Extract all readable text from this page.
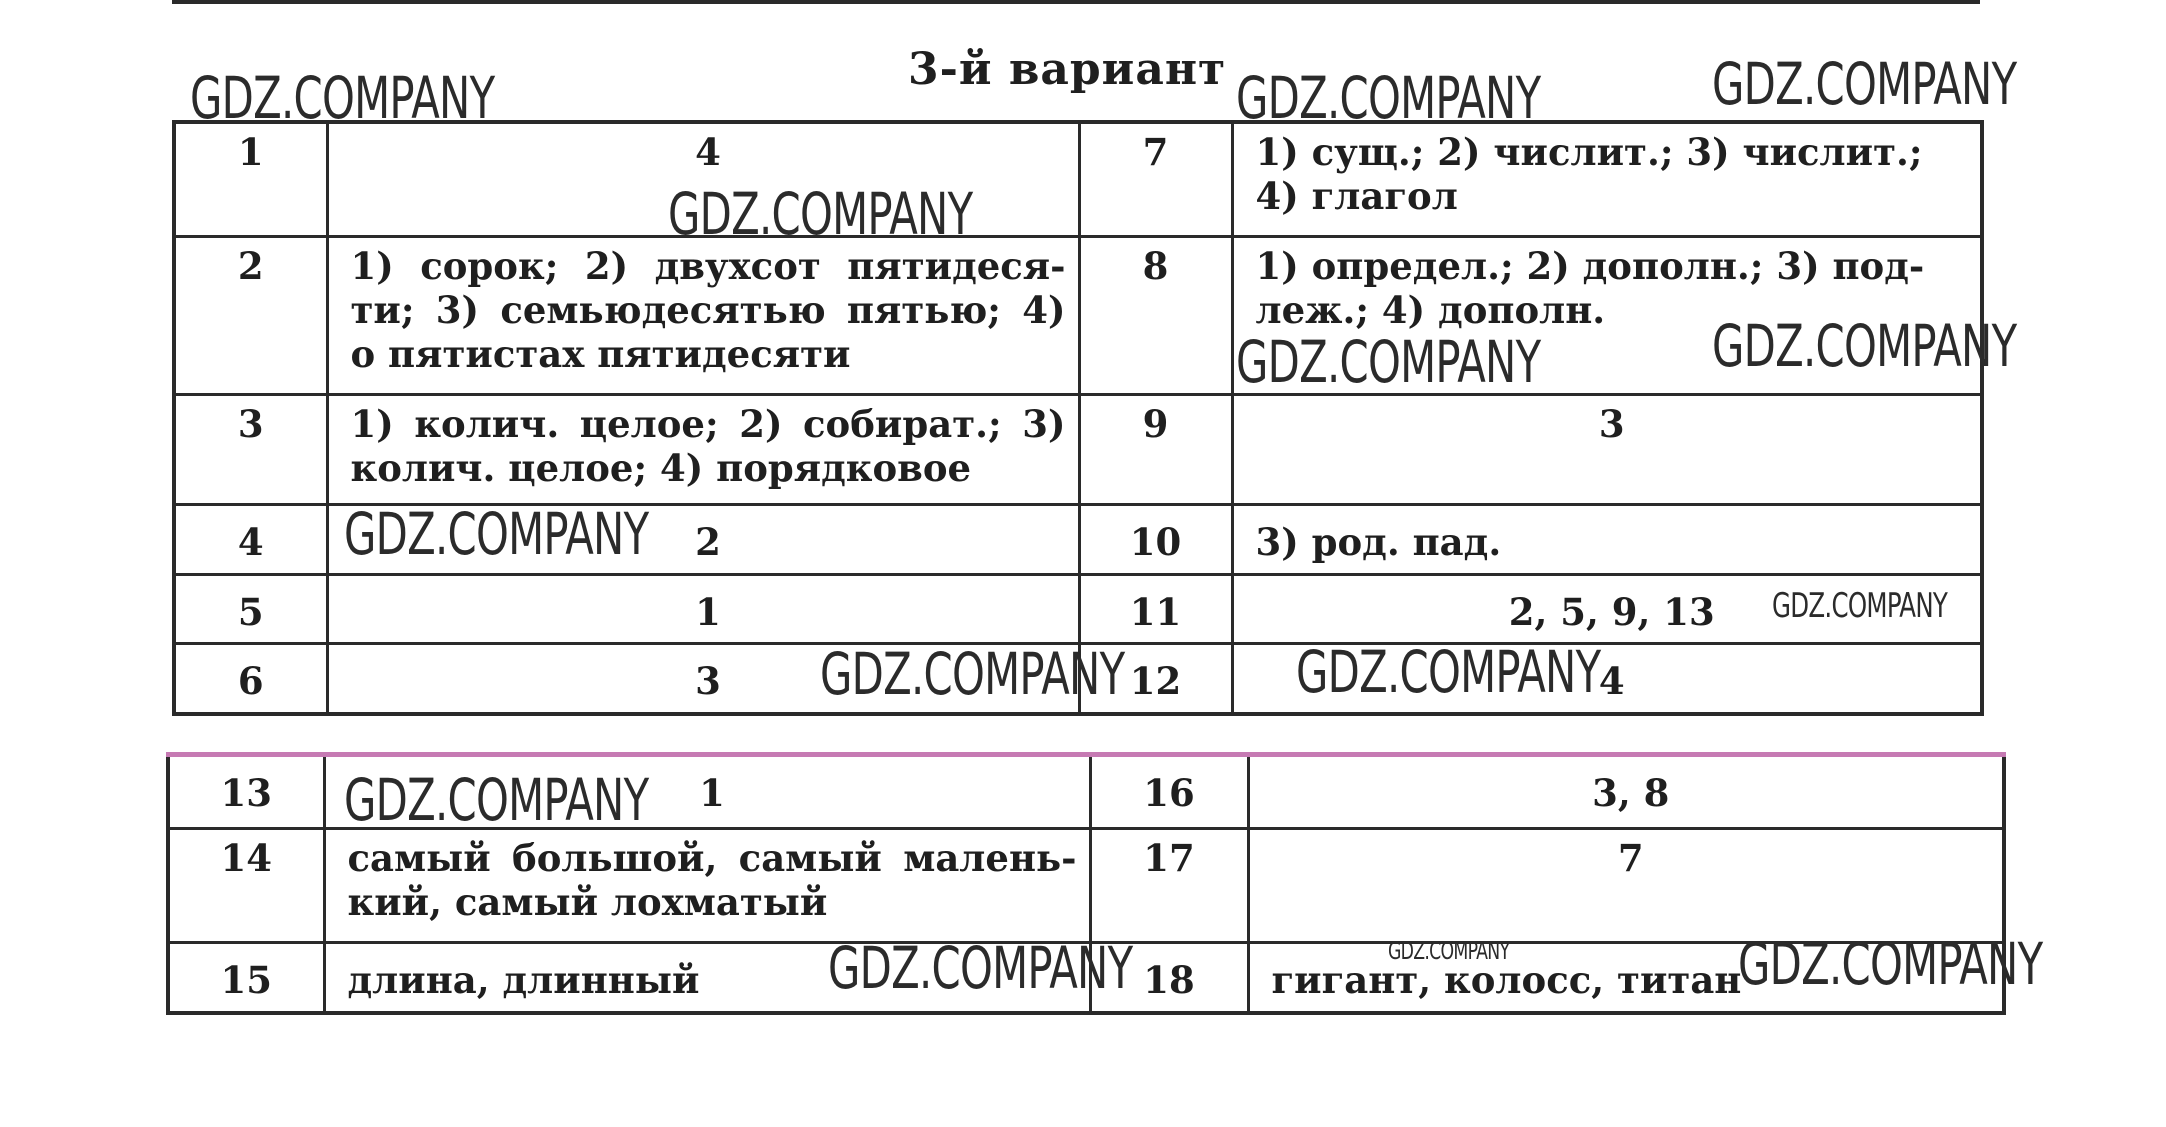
3-й вариант
1	4	7	1) сущ.; 2) числит.; 3) числит.; 4) глагол
2	1) сорок; 2) двухсот пятидеся-ти; 3) семьюдесятью пятью; 4) о пятистах пятидесяти	8	1) определ.; 2) дополн.; 3) под-леж.; 4) дополн.
3	1) колич. целое; 2) собират.; 3) колич. целое; 4) порядковое	9	3
4	2	10	3) род. пад.
5	1	11	2, 5, 9, 13
6	3	12	4
13	1	16	3, 8
14	самый большой, самый малень-кий, самый лохматый	17	7
15	длина, длинный	18	гигант, колосс, титан
GDZ.COMPANY	GDZ.COMPANY	GDZ.COMPANY
GDZ.COMPANY
GDZ.COMPANY	GDZ.COMPANY
GDZ.COMPANY
GDZ.COMPANY
GDZ.COMPANY	GDZ.COMPANY
GDZ.COMPANY
GDZ.COMPANY	GDZ.COMPANY	GDZ.COMPANY
